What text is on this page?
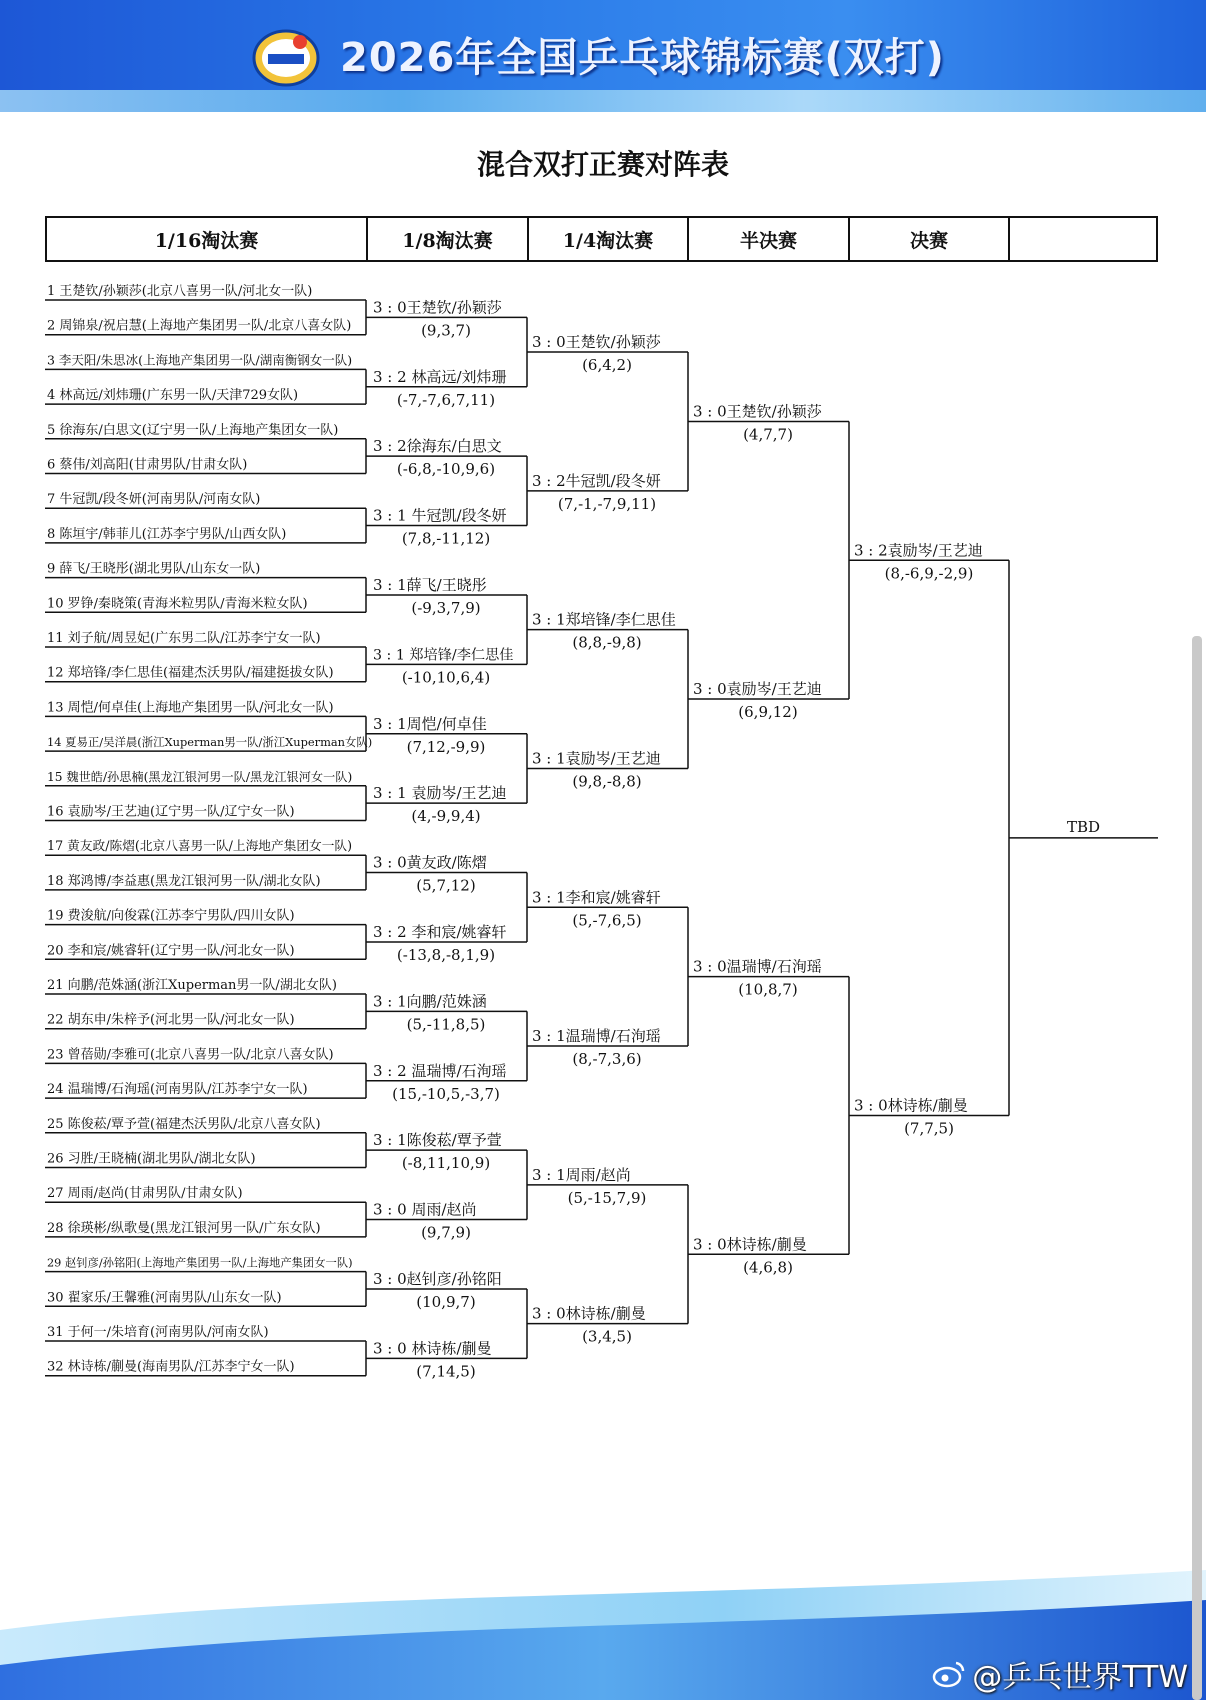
2026年全国乒乓球锦标赛(双打)
混合双打正赛对阵表
1/16淘汰赛	1/8淘汰赛	1/4淘汰赛	半决赛	决赛
1 王楚钦/孙颖莎(北京八喜男一队/河北女一队)
2 周锦泉/祝启慧(上海地产集团男一队/北京八喜女队)
3 李天阳/朱思冰(上海地产集团男一队/湖南衡钢女一队)
4 林高远/刘炜珊(广东男一队/天津729女队)
5 徐海东/白思文(辽宁男一队/上海地产集团女一队)
6 蔡伟/刘高阳(甘肃男队/甘肃女队)
7 牛冠凯/段冬妍(河南男队/河南女队)
8 陈垣宇/韩菲儿(江苏李宁男队/山西女队)
9 薛飞/王晓彤(湖北男队/山东女一队)
10 罗铮/秦晓策(青海米粒男队/青海米粒女队)
11 刘子航/周昱妃(广东男二队/江苏李宁女一队)
12 郑培锋/李仁思佳(福建杰沃男队/福建挺拔女队)
13 周恺/何卓佳(上海地产集团男一队/河北女一队)
14 夏易正/吴洋晨(浙江Xuperman男一队/浙江Xuperman女队)
15 魏世皓/孙思楠(黑龙江银河男一队/黑龙江银河女一队)
16 袁励岑/王艺迪(辽宁男一队/辽宁女一队)
17 黄友政/陈熠(北京八喜男一队/上海地产集团女一队)
18 郑鸿博/李益惠(黑龙江银河男一队/湖北女队)
19 费浚航/向俊霖(江苏李宁男队/四川女队)
20 李和宸/姚睿轩(辽宁男一队/河北女一队)
21 向鹏/范姝涵(浙江Xuperman男一队/湖北女队)
22 胡东申/朱梓予(河北男一队/河北女一队)
23 曾蓓勋/李雅可(北京八喜男一队/北京八喜女队)
24 温瑞博/石洵瑶(河南男队/江苏李宁女一队)
25 陈俊菘/覃予萱(福建杰沃男队/北京八喜女队)
26 习胜/王晓楠(湖北男队/湖北女队)
27 周雨/赵尚(甘肃男队/甘肃女队)
28 徐瑛彬/纵歌曼(黑龙江银河男一队/广东女队)
29 赵钊彦/孙铭阳(上海地产集团男一队/上海地产集团女一队)
30 翟家乐/王馨雅(河南男队/山东女一队)
31 于何一/朱培育(河南男队/河南女队)
32 林诗栋/蒯曼(海南男队/江苏李宁女一队)
3 : 0王楚钦/孙颖莎
(9,3,7)
3 : 2 林高远/刘炜珊
(-7,-7,6,7,11)
3 : 2徐海东/白思文
(-6,8,-10,9,6)
3 : 1 牛冠凯/段冬妍
(7,8,-11,12)
3 : 1薛飞/王晓彤
(-9,3,7,9)
3 : 1 郑培锋/李仁思佳
(-10,10,6,4)
3 : 1周恺/何卓佳
(7,12,-9,9)
3 : 1 袁励岑/王艺迪
(4,-9,9,4)
3 : 0黄友政/陈熠
(5,7,12)
3 : 2 李和宸/姚睿轩
(-13,8,-8,1,9)
3 : 1向鹏/范姝涵
(5,-11,8,5)
3 : 2 温瑞博/石洵瑶
(15,-10,5,-3,7)
3 : 1陈俊菘/覃予萱
(-8,11,10,9)
3 : 0 周雨/赵尚
(9,7,9)
3 : 0赵钊彦/孙铭阳
(10,9,7)
3 : 0 林诗栋/蒯曼
(7,14,5)
3 : 0王楚钦/孙颖莎
(6,4,2)
3 : 2牛冠凯/段冬妍
(7,-1,-7,9,11)
3 : 1郑培锋/李仁思佳
(8,8,-9,8)
3 : 1袁励岑/王艺迪
(9,8,-8,8)
3 : 1李和宸/姚睿轩
(5,-7,6,5)
3 : 1温瑞博/石洵瑶
(8,-7,3,6)
3 : 1周雨/赵尚
(5,-15,7,9)
3 : 0林诗栋/蒯曼
(3,4,5)
3 : 0王楚钦/孙颖莎
(4,7,7)
3 : 0袁励岑/王艺迪
(6,9,12)
3 : 0温瑞博/石洵瑶
(10,8,7)
3 : 0林诗栋/蒯曼
(4,6,8)
3 : 2袁励岑/王艺迪
(8,-6,9,-2,9)
3 : 0林诗栋/蒯曼
(7,7,5)
TBD
@乒乓世界TTW
